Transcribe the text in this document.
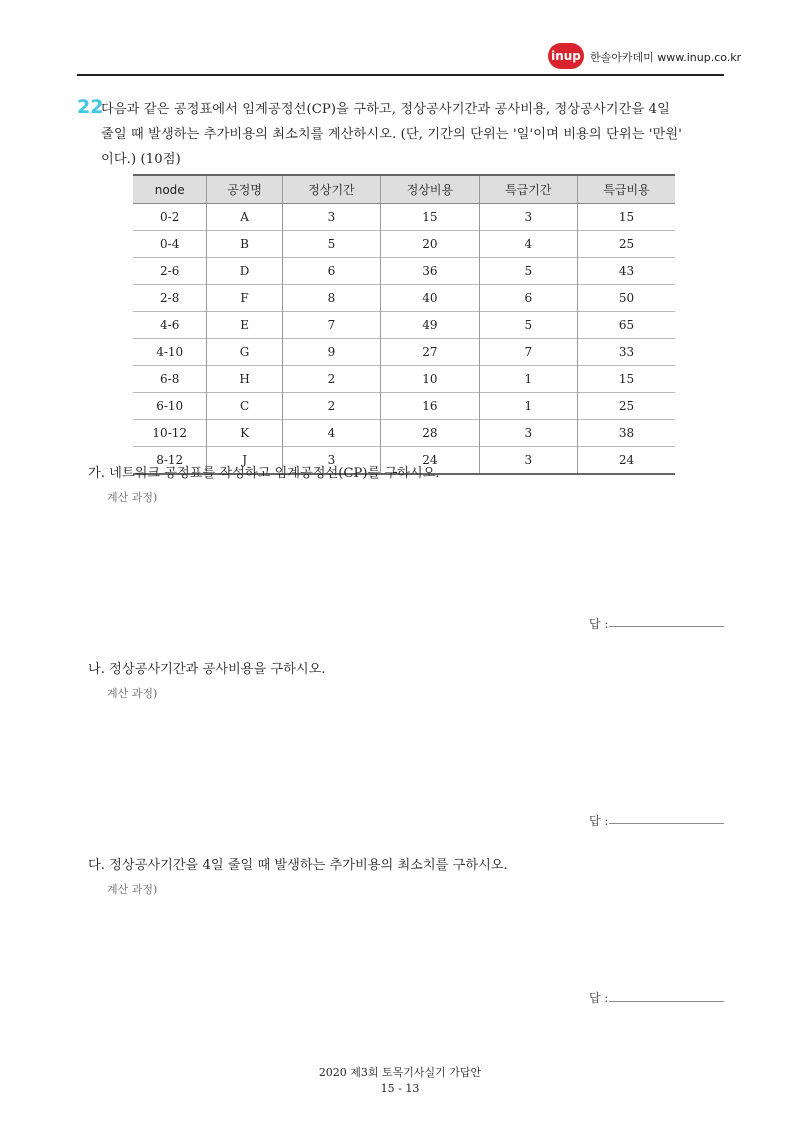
inup 한솔아카데미 www.inup.co.kr
22
다음과 같은 공정표에서 임계공정선(CP)을 구하고, 정상공사기간과 공사비용, 정상공사기간을 4일
줄일 때 발생하는 추가비용의 최소치를 계산하시오. (단, 기간의 단위는 '일'이며 비용의 단위는 '만원'
이다.) (10점)
node	공정명	정상기간	정상비용	특급기간	특급비용
0-2	A	3	15	3	15
0-4	B	5	20	4	25
2-6	D	6	36	5	43
2-8	F	8	40	6	50
4-6	E	7	49	5	65
4-10	G	9	27	7	33
6-8	H	2	10	1	15
6-10	C	2	16	1	25
10-12	K	4	28	3	38
8-12	J	3	24	3	24
가. 네트워크 공정표를 작성하고 임계공정선(CP)를 구하시오.
계산 과정)
답 :
나. 정상공사기간과 공사비용을 구하시오.
계산 과정)
답 :
다. 정상공사기간을 4일 줄일 때 발생하는 추가비용의 최소치를 구하시오.
계산 과정)
답 :
2020 제3회 토목기사실기 가답안
15 - 13
